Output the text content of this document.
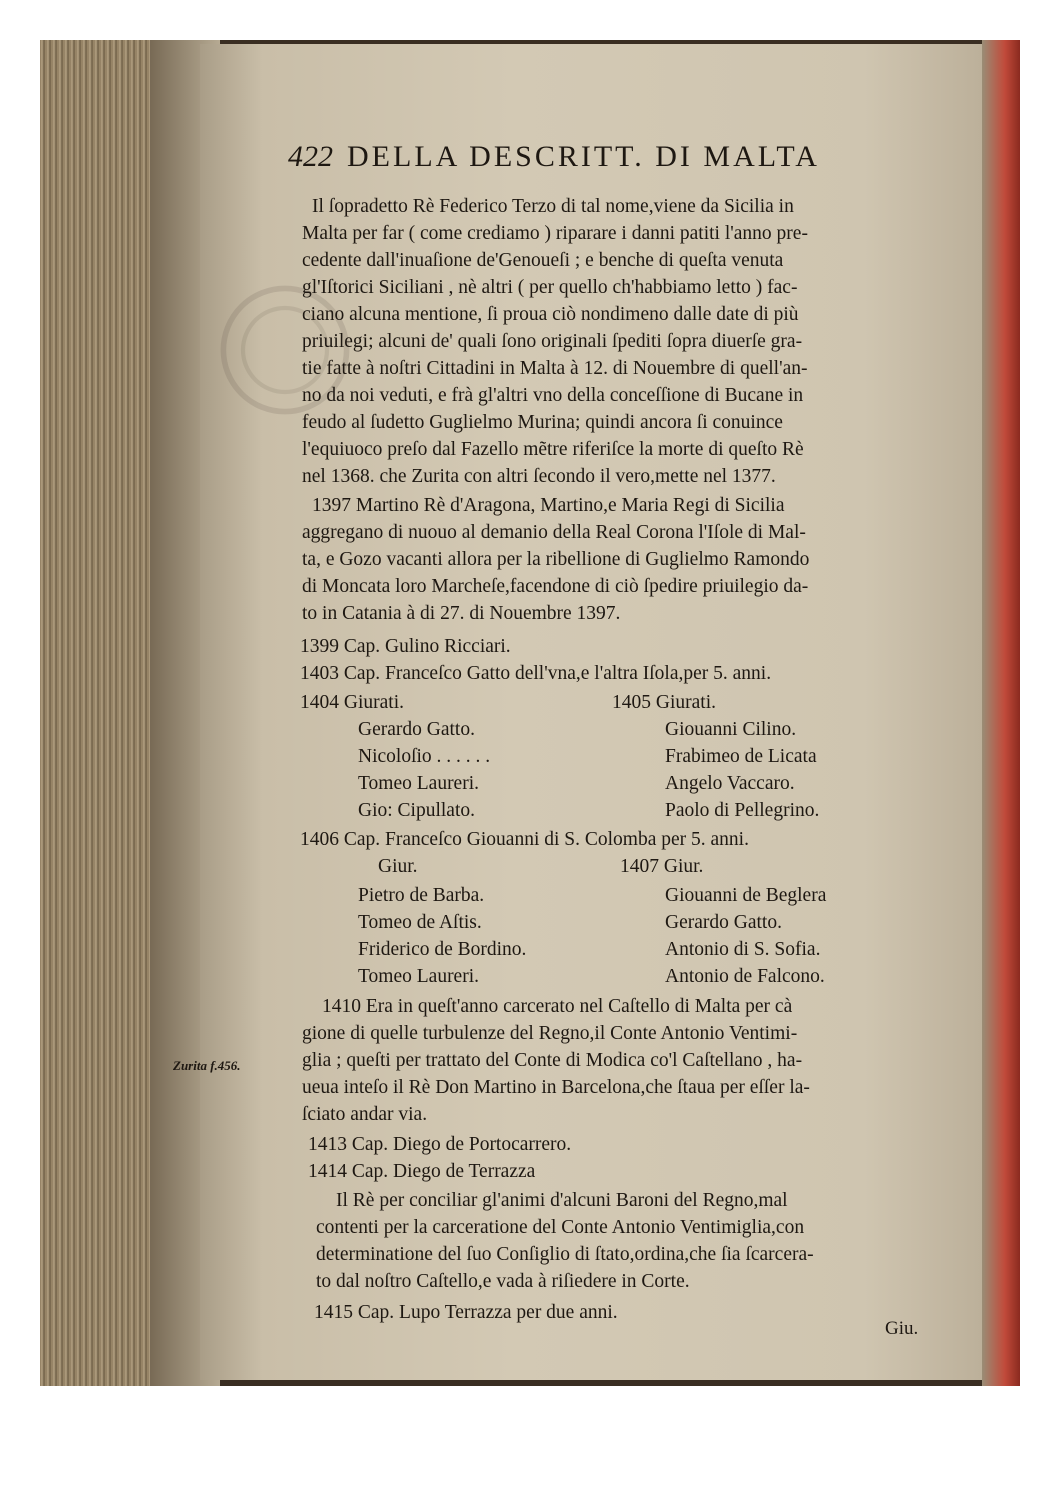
422 DELLA DESCRITT. DI MALTA
Il ſopradetto Rè Federico Terzo di tal nome,viene da Sicilia in
Malta per far ( come crediamo ) riparare i danni patiti l'anno pre-
cedente dall'inuaſione de'Genoueſi ; e benche di queſta venuta
gl'Iſtorici Siciliani , nè altri ( per quello ch'habbiamo letto ) fac-
ciano alcuna mentione, ſi proua ciò nondimeno dalle date di più
priuilegi; alcuni de' quali ſono originali ſpediti ſopra diuerſe gra-
tie fatte à noſtri Cittadini in Malta à 12. di Nouembre di quell'an-
no da noi veduti, e frà gl'altri vno della conceſſione di Bucane in
feudo al ſudetto Guglielmo Murina; quindi ancora ſi conuince
l'equiuoco preſo dal Fazello mẽtre riferiſce la morte di queſto Rè
nel 1368. che Zurita con altri ſecondo il vero,mette nel 1377.
1397 Martino Rè d'Aragona, Martino,e Maria Regi di Sicilia
aggregano di nuouo al demanio della Real Corona l'Iſole di Mal-
ta, e Gozo vacanti allora per la ribellione di Guglielmo Ramondo
di Moncata loro Marcheſe,facendone di ciò ſpedire priuilegio da-
to in Catania à di 27. di Nouembre 1397.
1399 Cap. Gulino Ricciari.
1403 Cap. Franceſco Gatto dell'vna,e l'altra Iſola,per 5. anni.
1404 Giurati.	1405 Giurati.
Gerardo Gatto.	Giouanni Cilino.
Nicoloſio . . . . . .	Frabimeo de Licata
Tomeo Laureri.	Angelo Vaccaro.
Gio: Cipullato.	Paolo di Pellegrino.
1406 Cap. Franceſco Giouanni di S. Colomba per 5. anni.
Giur.	1407 Giur.
Pietro de Barba.	Giouanni de Beglera
Tomeo de Aſtis.	Gerardo Gatto.
Friderico de Bordino.	Antonio di S. Sofia.
Tomeo Laureri.	Antonio de Falcono.
1410 Era in queſt'anno carcerato nel Caſtello di Malta per cà
gione di quelle turbulenze del Regno,il Conte Antonio Ventimi-
glia ; queſti per trattato del Conte di Modica co'l Caſtellano , ha-
ueua inteſo il Rè Don Martino in Barcelona,che ſtaua per eſſer la-
ſciato andar via.
Zurita f.456.
1413 Cap. Diego de Portocarrero.
1414 Cap. Diego de Terrazza
Il Rè per conciliar gl'animi d'alcuni Baroni del Regno,mal
contenti per la carceratione del Conte Antonio Ventimiglia,con
determinatione del ſuo Conſiglio di ſtato,ordina,che ſia ſcarcera-
to dal noſtro Caſtello,e vada à riſiedere in Corte.
1415 Cap. Lupo Terrazza per due anni.
Giu.
